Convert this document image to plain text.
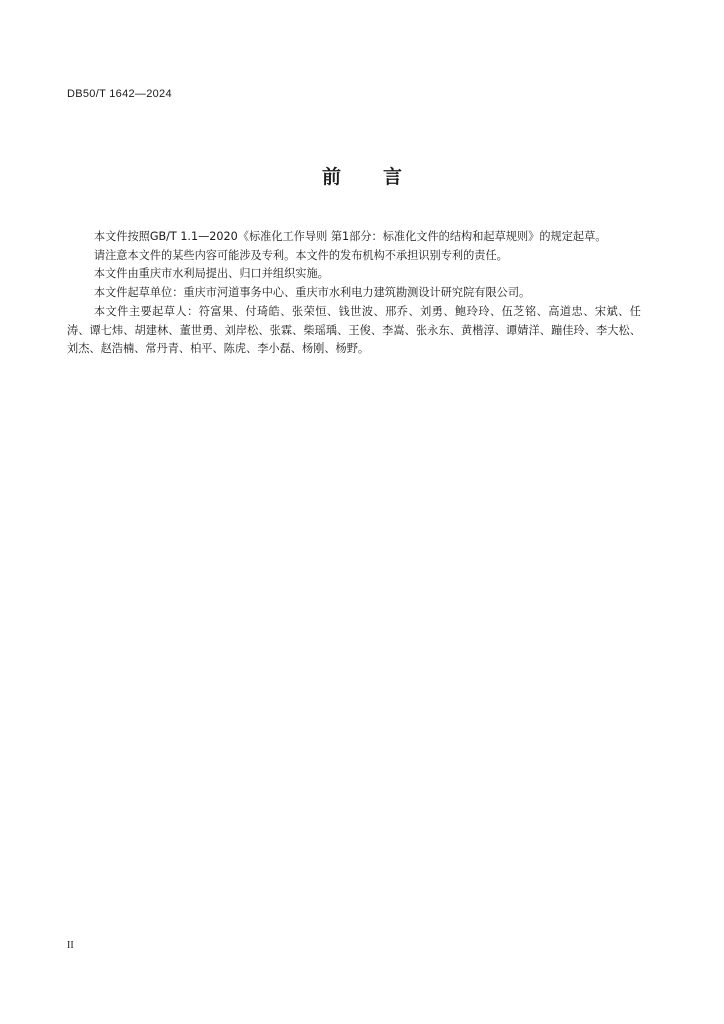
DB50/T 1642—2024
前言

本文件按照GB/T 1.1—2020《标准化工作导则 第1部分：标准化文件的结构和起草规则》的规定起草。

请注意本文件的某些内容可能涉及专利。本文件的发布机构不承担识别专利的责任。

本文件由重庆市水利局提出、归口并组织实施。

本文件起草单位：重庆市河道事务中心、重庆市水利电力建筑勘测设计研究院有限公司。

本文件主要起草人：符富果、付琦皓、张荣恒、钱世波、邢乔、刘勇、鲍玲玲、伍芝铭、高道忠、宋斌、任涛、谭七炜、胡建林、董世勇、刘岸松、张霖、柴瑶瑀、王俊、李嵩、张永东、黄楷淳、谭婧洋、蹦佳玲、李大松、刘杰、赵浩楠、常丹青、柏平、陈虎、李小磊、杨刚、杨野。

II
